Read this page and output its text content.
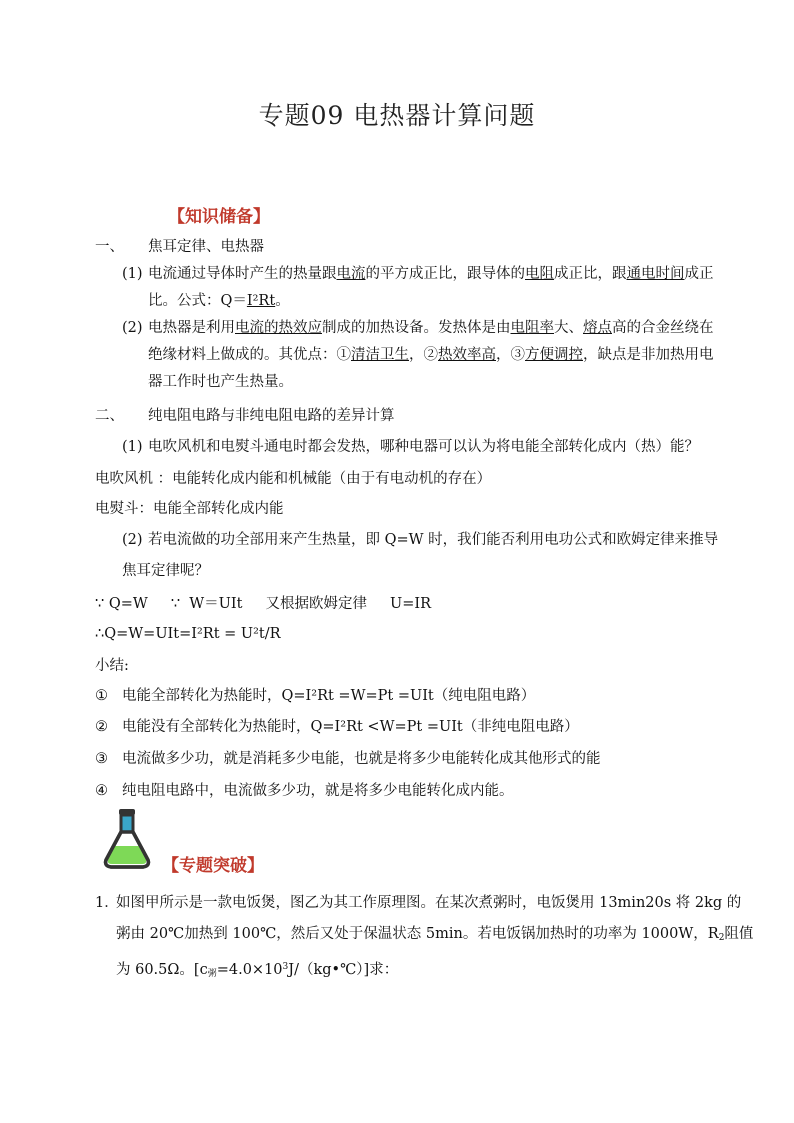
专题09 电热器计算问题
【知识储备】
一、 焦耳定律、电热器
(1) 电流通过导体时产生的热量跟电流的平方成正比，跟导体的电阻成正比，跟通电时间成正
比。公式：Q＝I²Rt。
(2) 电热器是利用电流的热效应制成的加热设备。发热体是由电阻率大、熔点高的合金丝绕在
绝缘材料上做成的。其优点：①清洁卫生，②热效率高，③方便调控，缺点是非加热用电
器工作时也产生热量。
二、 纯电阻电路与非纯电阻电路的差异计算
(1) 电吹风机和电熨斗通电时都会发热，哪种电器可以认为将电能全部转化成内（热）能？
电吹风机 ：电能转化成内能和机械能（由于有电动机的存在）
电熨斗：电能全部转化成内能
(2) 若电流做的功全部用来产生热量，即 Q=W 时，我们能否利用电功公式和欧姆定律来推导
焦耳定律呢？
∵ Q=W     ∵  W＝UIt     又根据欧姆定律     U=IR
∴Q=W=UIt=I²Rt = U²t/R
小结:
① 电能全部转化为热能时，Q=I²Rt =W=Pt =UIt（纯电阻电路）
② 电能没有全部转化为热能时，Q=I²Rt <W=Pt =UIt（非纯电阻电路）
③ 电流做多少功，就是消耗多少电能，也就是将多少电能转化成其他形式的能
④ 纯电阻电路中，电流做多少功，就是将多少电能转化成内能。
【专题突破】
1．
如图甲所示是一款电饭煲，图乙为其工作原理图。在某次煮粥时，电饭煲用 13min20s 将 2kg 的
粥由 20℃加热到 100℃，然后又处于保温状态 5min。若电饭锅加热时的功率为 1000W，$R_2$阻值
为 60.5Ω。$[c_粥=4.0\times 10^3J/(kg•℃)]$求：
